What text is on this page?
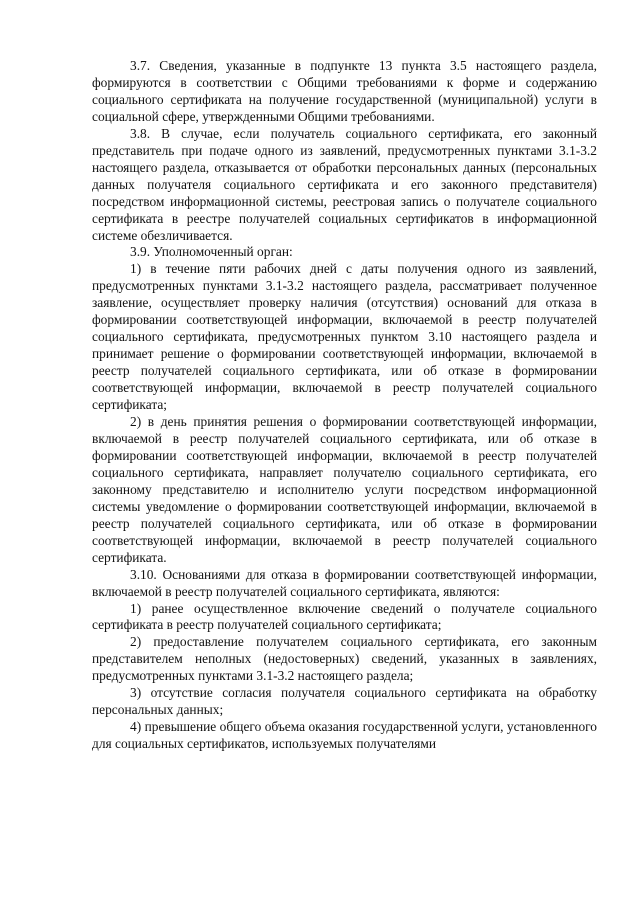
3.7. Сведения, указанные в подпункте 13 пункта 3.5 настоящего раздела, формируются в соответствии с Общими требованиями к форме и содержанию социального сертификата на получение государственной (муниципальной) услуги в социальной сфере, утвержденными Общими требованиями.

3.8. В случае, если получатель социального сертификата, его законный представитель при подаче одного из заявлений, предусмотренных пунктами 3.1-3.2 настоящего раздела, отказывается от обработки персональных данных (персональных данных получателя социального сертификата и его законного представителя) посредством информационной системы, реестровая запись о получателе социального сертификата в реестре получателей социальных сертификатов в информационной системе обезличивается.

3.9. Уполномоченный орган:

1) в течение пяти рабочих дней с даты получения одного из заявлений, предусмотренных пунктами 3.1-3.2 настоящего раздела, рассматривает полученное заявление, осуществляет проверку наличия (отсутствия) оснований для отказа в формировании соответствующей информации, включаемой в реестр получателей социального сертификата, предусмотренных пунктом 3.10 настоящего раздела и принимает решение о формировании соответствующей информации, включаемой в реестр получателей социального сертификата, или об отказе в формировании соответствующей информации, включаемой в реестр получателей социального сертификата;

2) в день принятия решения о формировании соответствующей информации, включаемой в реестр получателей социального сертификата, или об отказе в формировании соответствующей информации, включаемой в реестр получателей социального сертификата, направляет получателю социального сертификата, его законному представителю и исполнителю услуги посредством информационной системы уведомление о формировании соответствующей информации, включаемой в реестр получателей социального сертификата, или об отказе в формировании соответствующей информации, включаемой в реестр получателей социального сертификата.

3.10. Основаниями для отказа в формировании соответствующей информации, включаемой в реестр получателей социального сертификата, являются:

1) ранее осуществленное включение сведений о получателе социального сертификата в реестр получателей социального сертификата;

2) предоставление получателем социального сертификата, его законным представителем неполных (недостоверных) сведений, указанных в заявлениях, предусмотренных пунктами 3.1-3.2 настоящего раздела;

3) отсутствие согласия получателя социального сертификата на обработку персональных данных;

4) превышение общего объема оказания государственной услуги, установленного для социальных сертификатов, используемых получателями
